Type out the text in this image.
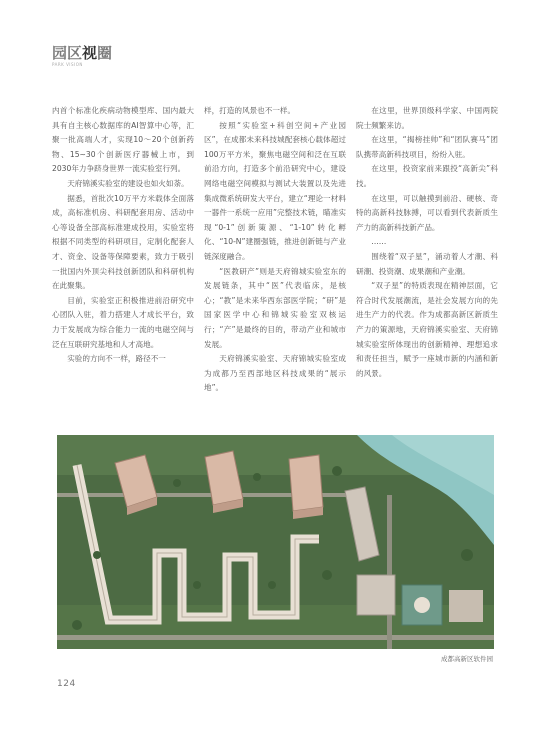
园区视圈
PARK VISION

内首个标准化疾病动物模型库、国内最大具有自主核心数据库的AI智算中心等，汇聚一批高端人才，实现10～20个创新药物、15~30个创新医疗器械上市，到2030年力争跻身世界一流实验室行列。

天府锦溪实验室的建设也如火如荼。

据悉，首批次10万平方米载体全面落成，高标准机房、科研配套用房、活动中心等设备全部高标准建成投用，实验室将根据不同类型的科研项目，定制化配套人才、资金、设备等保障要素，致力于吸引一批国内外顶尖科技创新团队和科研机构在此聚集。

目前，实验室正积极推进前沿研究中心团队入驻，着力搭建人才成长平台，致力于发展成为综合能力一流的电磁空间与泛在互联研究基地和人才高地。

实验的方向不一样，路径不一

样，打造的风景也不一样。

按照“实验室+科创空间+产业园区”，在成都未来科技城配套核心载体超过100万平方米，聚焦电磁空间和泛在互联前沿方向，打造多个前沿研究中心，建设网络电磁空间模拟与测试大装置以及先进集成微系统研发大平台，建立“理论一材料一器件一系统一应用”完整技术链，瞄准实现“0-1”创新策源、“1-10”转化孵化、“10-N”建圈强链，推进创新链与产业链深度融合。

“医教研产”则是天府锦城实验室东的发展链条，其中“医”代表临床，是核心；“教”是未来华西东部医学院；“研”是国家医学中心和锦城实验室双核运行；“产”是最终的目的，带动产业和城市发展。

天府锦溪实验室、天府锦城实验室成为成都乃至西部地区科技成果的“展示地”。

在这里，世界顶级科学家、中国两院院士频繁来访。

在这里，“揭榜挂帅”和“团队赛马”团队携带高新科技项目，纷纷入驻。

在这里，投资家前来跟投“高新尖”科技。

在这里，可以触摸到前沿、硬核、奇特的高新科技脉搏，可以看到代表新质生产力的高新科技新产品。

……

围绕着“双子星”，涌动着人才潮、科研潮、投资潮、成果潮和产业潮。

“双子星”的特质表现在精神层面，它符合时代发展潮流，是社会发展方向的先进生产力的代表。作为成都高新区新质生产力的策源地，天府锦溪实验室、天府锦城实验室所体现出的创新精神、理想追求和责任担当，赋予一座城市新的内涵和新的风景。

成都高新区软件园
124
